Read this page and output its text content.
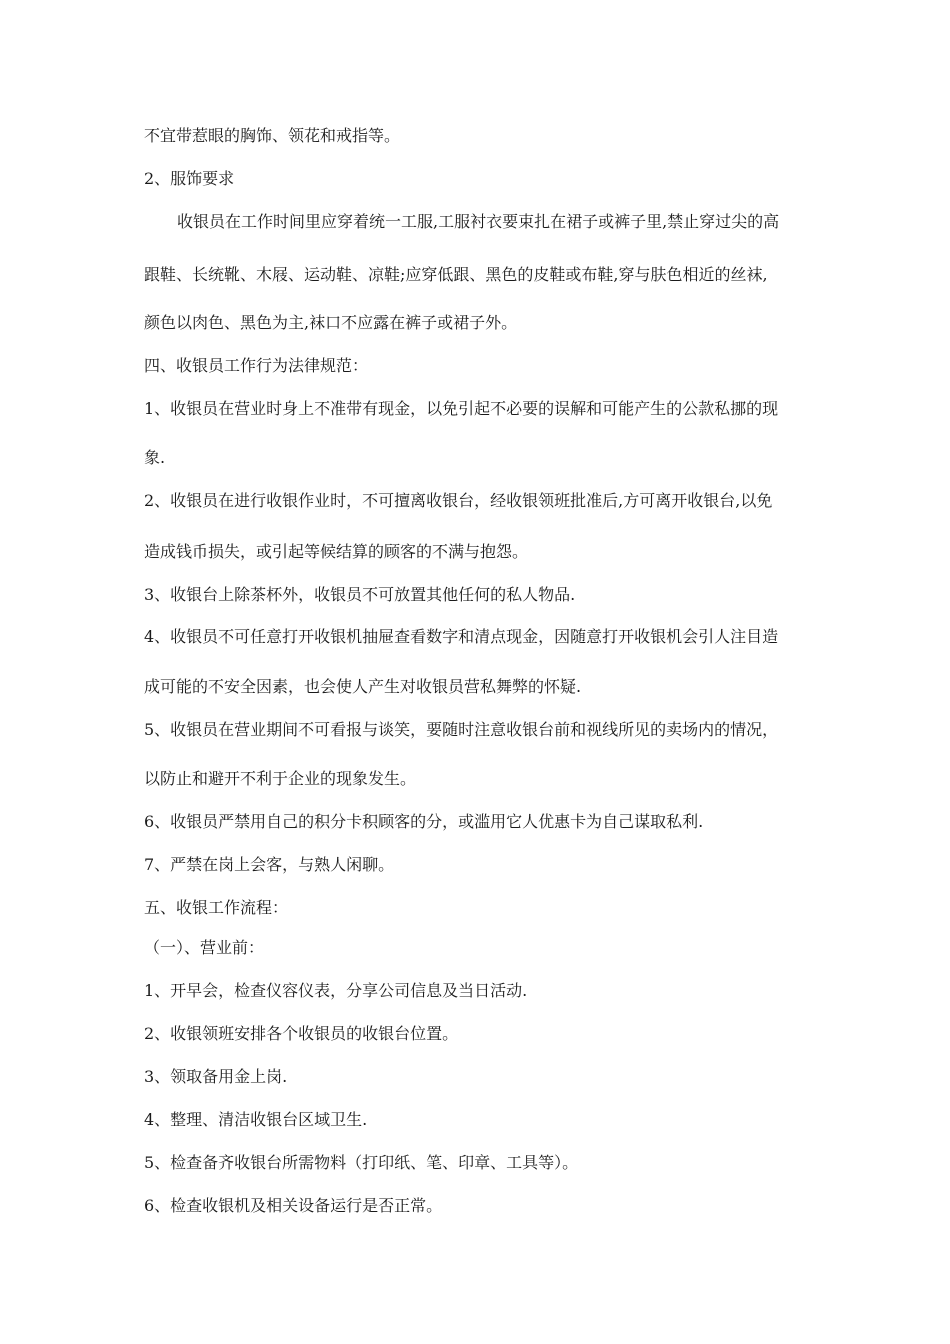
不宜带惹眼的胸饰、领花和戒指等。
2、服饰要求
收银员在工作时间里应穿着统一工服,工服衬衣要束扎在裙子或裤子里,禁止穿过尖的高
跟鞋、长统靴、木屐、运动鞋、凉鞋;应穿低跟、黑色的皮鞋或布鞋,穿与肤色相近的丝袜,
颜色以肉色、黑色为主,袜口不应露在裤子或裙子外。
四、收银员工作行为法律规范：
1、收银员在营业时身上不准带有现金，以免引起不必要的误解和可能产生的公款私挪的现
象.
2、收银员在进行收银作业时，不可擅离收银台，经收银领班批准后,方可离开收银台,以免
造成钱币损失，或引起等候结算的顾客的不满与抱怨。
3、收银台上除茶杯外，收银员不可放置其他任何的私人物品.
4、收银员不可任意打开收银机抽屉查看数字和清点现金，因随意打开收银机会引人注目造
成可能的不安全因素，也会使人产生对收银员营私舞弊的怀疑.
5、收银员在营业期间不可看报与谈笑，要随时注意收银台前和视线所见的卖场内的情况，
以防止和避开不利于企业的现象发生。
6、收银员严禁用自己的积分卡积顾客的分，或滥用它人优惠卡为自己谋取私利.
7、严禁在岗上会客，与熟人闲聊。
五、收银工作流程：
（一）、营业前：
1、开早会，检查仪容仪表，分享公司信息及当日活动.
2、收银领班安排各个收银员的收银台位置。
3、领取备用金上岗.
4、整理、清洁收银台区域卫生.
5、检查备齐收银台所需物料（打印纸、笔、印章、工具等）。
6、检查收银机及相关设备运行是否正常。
